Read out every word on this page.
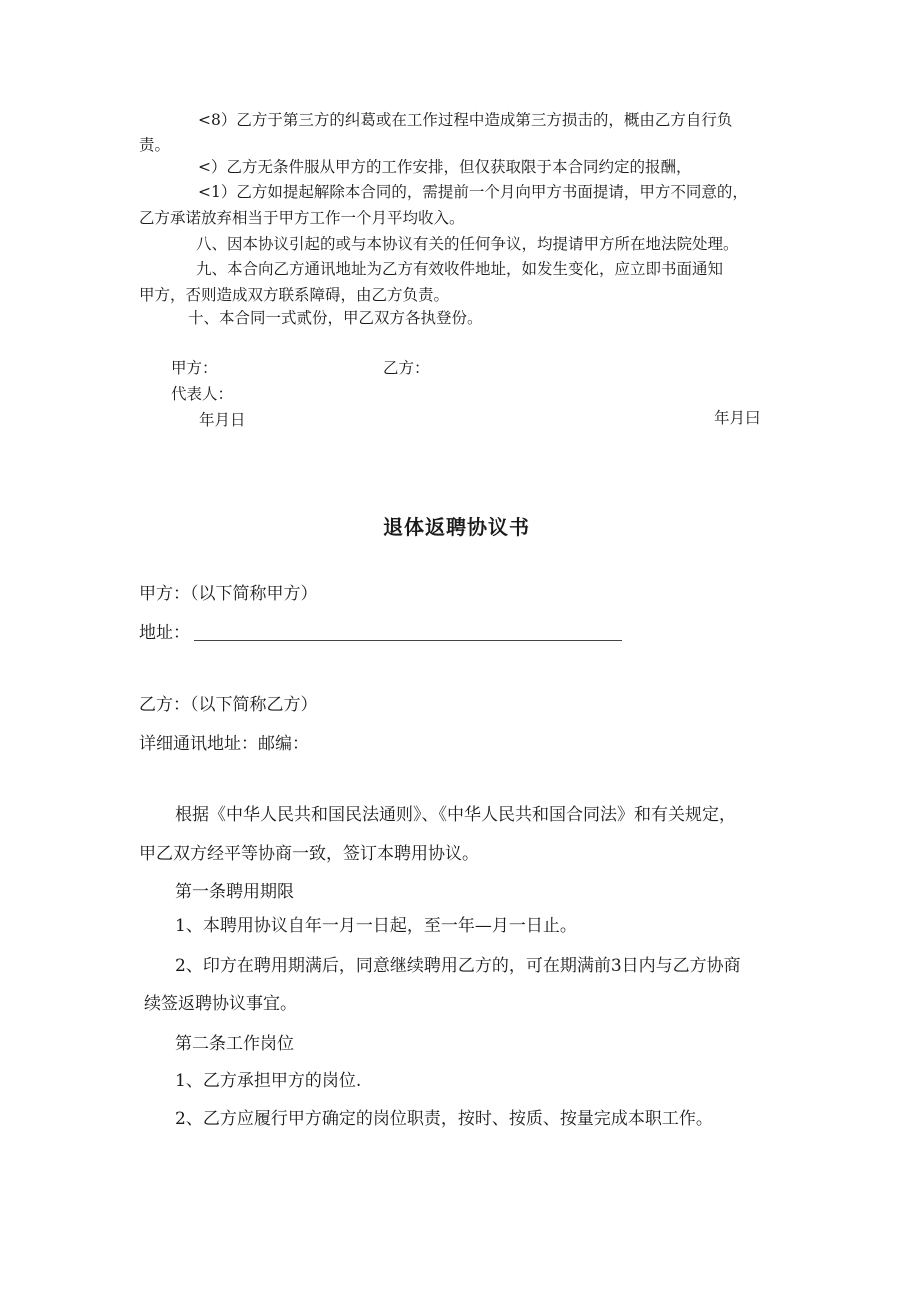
<8）乙方于第三方的纠葛或在工作过程中造成第三方损击的，概由乙方自行负
责。
<）乙方无条件服从甲方的工作安排，但仅获取限于本合同约定的报酬，
<1）乙方如提起解除本合同的，需提前一个月向甲方书面提请，甲方不同意的，
乙方承诺放弃相当于甲方工作一个月平均收入。
八、因本协议引起的或与本协议有关的任何争议，均提请甲方所在地法院处理。
九、本合向乙方通讯地址为乙方有效收件地址，如发生变化，应立即书面通知
甲方，否则造成双方联系障碍，由乙方负责。
十、本合同一式贰份，甲乙双方各执登份。
甲方：	乙方：
代表人：
年月日	年月曰
退体返聘协议书
甲方：（以下简称甲方）
地址：
乙方：（以下简称乙方）
详细通讯地址：邮编：
根据《中华人民共和国民法通则》、《中华人民共和国合同法》和有关规定，
甲乙双方经平等协商一致，签订本聘用协议。
第一条聘用期限
1、本聘用协议自年一月一日起，至一年—月一日止。
2、印方在聘用期满后，同意继续聘用乙方的，可在期满前3日内与乙方协商
续签返聘协议事宜。
第二条工作岗位
1、乙方承担甲方的岗位.
2、乙方应履行甲方确定的岗位职责，按时、按质、按量完成本职工作。
